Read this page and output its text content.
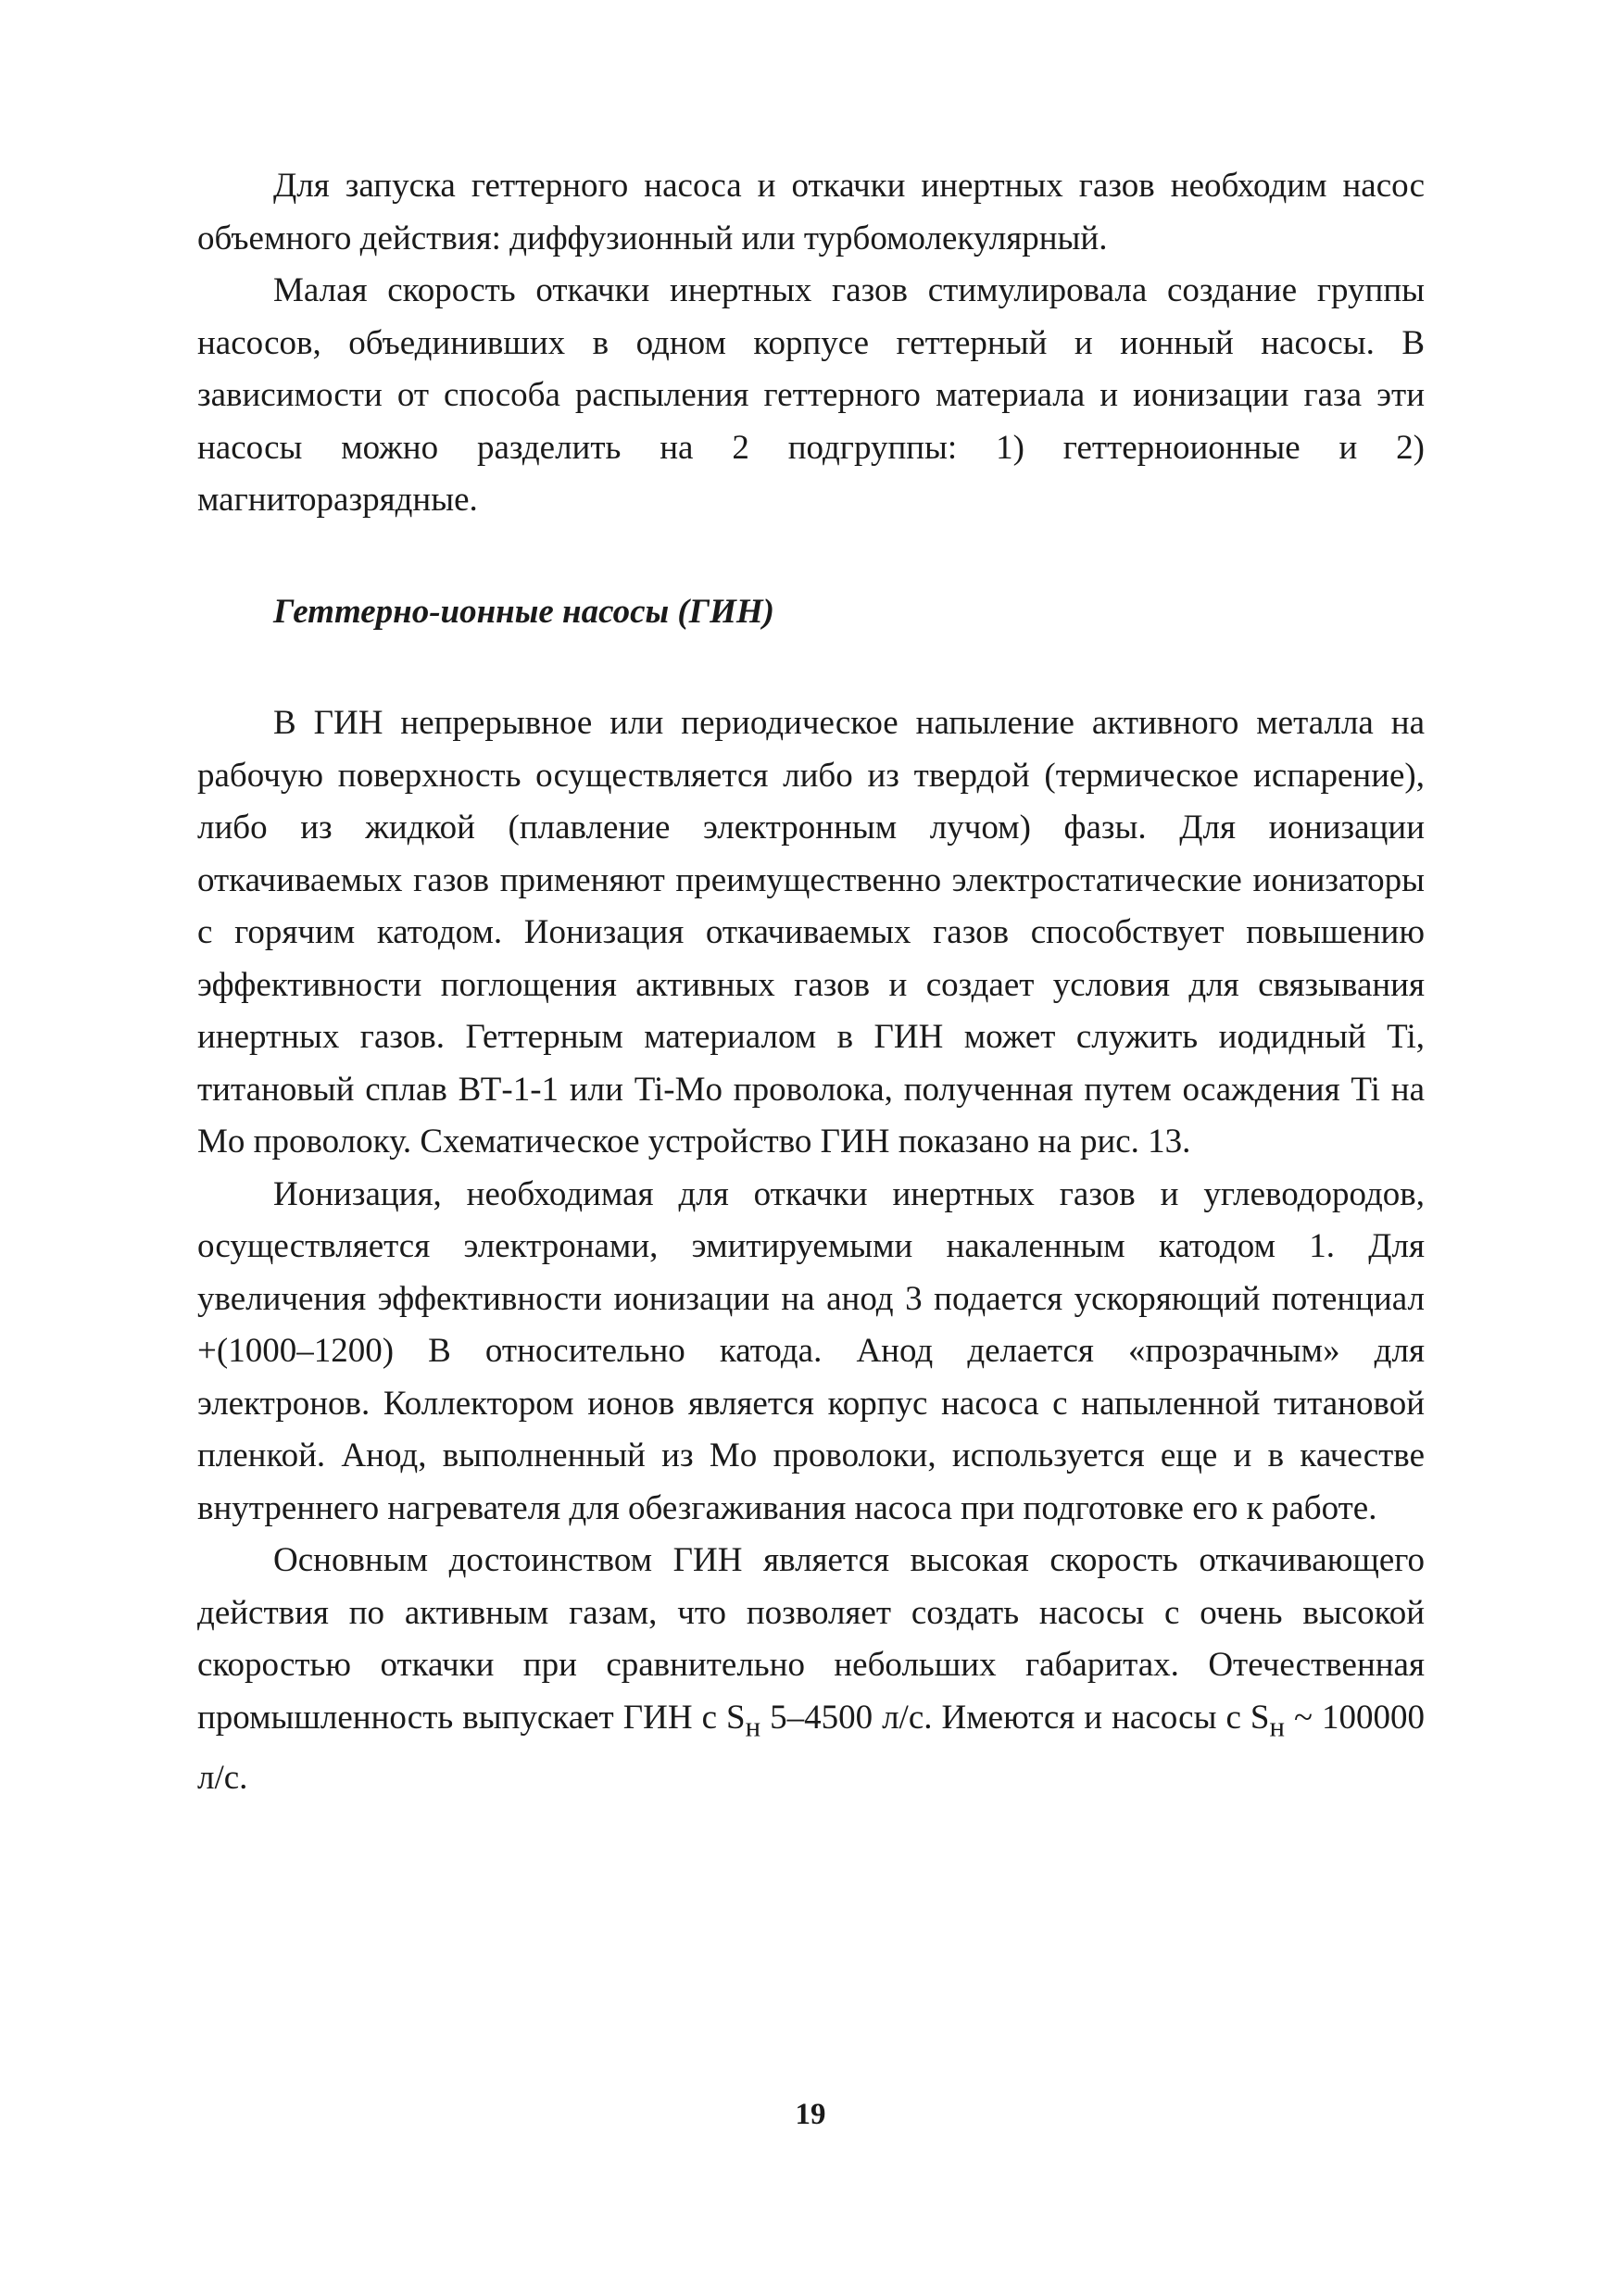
Для запуска геттерного насоса и откачки инертных газов необходим насос объемного действия: диффузионный или турбомолекулярный.

Малая скорость откачки инертных газов стимулировала создание группы насосов, объединивших в одном корпусе геттерный и ионный насосы. В зависимости от способа распыления геттерного материала и ионизации газа эти насосы можно разделить на 2 подгруппы: 1) геттерноионные и 2) магниторазрядные.

Геттерно-ионные насосы (ГИН)

В ГИН непрерывное или периодическое напыление активного металла на рабочую поверхность осуществляется либо из твердой (термическое испарение), либо из жидкой (плавление электронным лучом) фазы. Для ионизации откачиваемых газов применяют преимущественно электростатические ионизаторы с горячим катодом. Ионизация откачиваемых газов способствует повышению эффективности поглощения активных газов и создает условия для связывания инертных газов. Геттерным материалом в ГИН может служить иодидный Ti, титановый сплав ВТ-1-1 или Ti-Mo проволока, полученная путем осаждения Ti на Mo проволоку. Схематическое устройство ГИН показано на рис. 13.

Ионизация, необходимая для откачки инертных газов и углеводородов, осуществляется электронами, эмитируемыми накаленным катодом 1. Для увеличения эффективности ионизации на анод 3 подается ускоряющий потенциал +(1000–1200) В относительно катода. Анод делается «прозрачным» для электронов. Коллектором ионов является корпус насоса с напыленной титановой пленкой. Анод, выполненный из Mo проволоки, используется еще и в качестве внутреннего нагревателя для обезгаживания насоса при подготовке его к работе.

Основным достоинством ГИН является высокая скорость откачивающего действия по активным газам, что позволяет создать насосы с очень высокой скоростью откачки при сравнительно небольших габаритах. Отечественная промышленность выпускает ГИН с $S_н$ 5–4500 л/с. Имеются и насосы с $S_н$ ~ 100000 л/с.

19
